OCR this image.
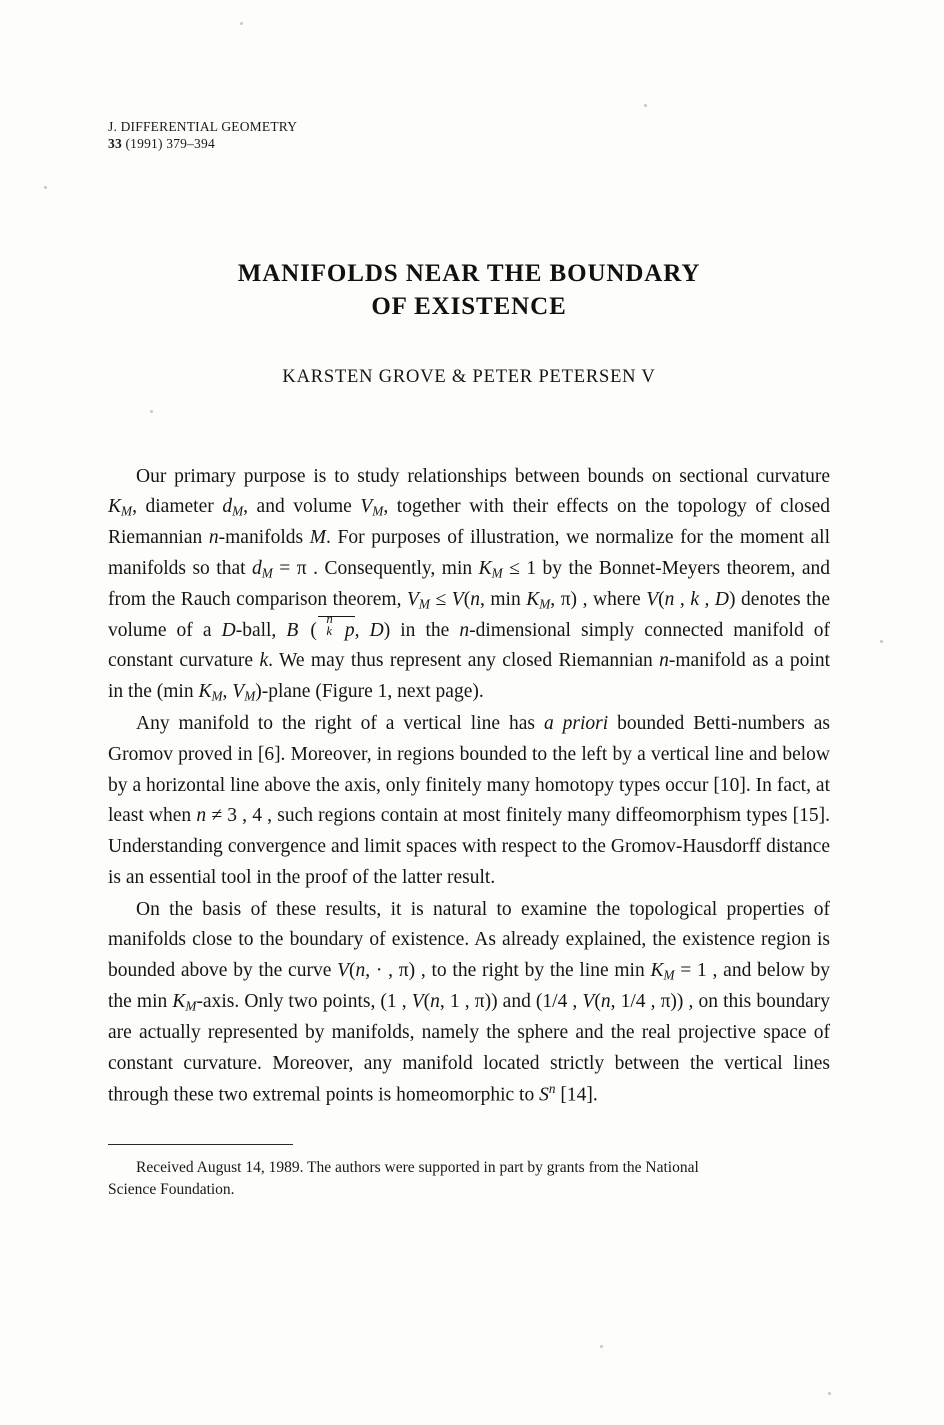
J. DIFFERENTIAL GEOMETRY
33 (1991) 379–394
MANIFOLDS NEAR THE BOUNDARY
OF EXISTENCE
KARSTEN GROVE & PETER PETERSEN V

Our primary purpose is to study relationships between bounds on sectional curvature $K_M$, diameter $d_M$, and volume $V_M$, together with their effects on the topology of closed Riemannian n-manifolds M. For purposes of illustration, we normalize for the moment all manifolds so that $d_M = \pi$ . Consequently, $\min K_M \le 1$ by the Bonnet-Meyers theorem, and from the Rauch comparison theorem, $V_M \le V(n$, $\min K_M$, π) , where V(n , k , D) denotes the volume of a D-ball, B
n
k
( p, D) in the n-dimensional simply connected manifold of constant curvature k. We may thus represent any closed Riemannian n-manifold as a point in the (min $K_M$, $V_M$)-plane (Figure 1, next page).

Any manifold to the right of a vertical line has a priori bounded Betti-numbers as Gromov proved in [6]. Moreover, in regions bounded to the left by a vertical line and below by a horizontal line above the axis, only finitely many homotopy types occur [10]. In fact, at least when n ≠ 3 , 4 , such regions contain at most finitely many diffeomorphism types [15]. Understanding convergence and limit spaces with respect to the Gromov-Hausdorff distance is an essential tool in the proof of the latter result.

On the basis of these results, it is natural to examine the topological properties of manifolds close to the boundary of existence. As already explained, the existence region is bounded above by the curve V(n, · , π) , to the right by the line $\min K_M = 1$ , and below by the $\min K_M$-axis. Only two points, (1 , V(n, 1 , π)) and (1/4 , V(n, 1/4 , π)) , on this boundary are actually represented by manifolds, namely the sphere and the real projective space of constant curvature. Moreover, any manifold located strictly between the vertical lines through these two extremal points is homeomorphic to $S^n$ [14].

Received August 14, 1989. The authors were supported in part by grants from the National
Science Foundation.
